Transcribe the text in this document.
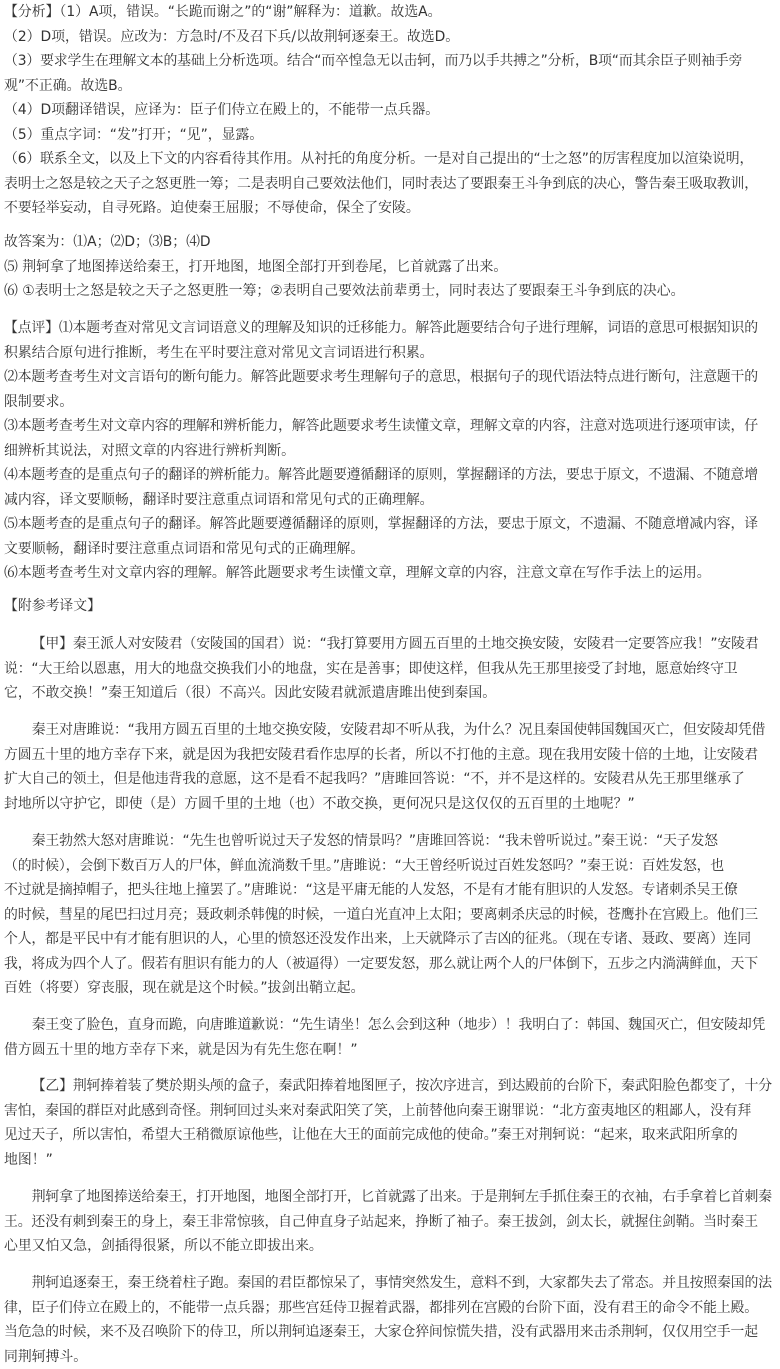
【分析】（1）A项，错误。“长跪而谢之”的“谢”解释为：道歉。故选A。
（2）D项，错误。应改为：方急时/不及召下兵/以故荆轲逐秦王。故选D。
（3）要求学生在理解文本的基础上分析选项。结合“而卒惶急无以击轲，而乃以手共搏之”分析，B项“而其余臣子则袖手旁
观”不正确。故选B。
（4）D项翻译错误，应译为：臣子们侍立在殿上的，不能带一点兵器。
（5）重点字词：“发”打开；“见”，显露。
（6）联系全文，以及上下文的内容看待其作用。从衬托的角度分析。一是对自己提出的“士之怒”的厉害程度加以渲染说明，
表明士之怒是较之天子之怒更胜一筹；二是表明自己要效法他们，同时表达了要跟秦王斗争到底的决心，警告秦王吸取教训，
不要轻举妄动，自寻死路。迫使秦王屈服；不辱使命，保全了安陵。
故答案为：⑴A；⑵D；⑶B；⑷D
⑸ 荆轲拿了地图捧送给秦王，打开地图，地图全部打开到卷尾，匕首就露了出来。
⑹ ①表明士之怒是较之天子之怒更胜一筹；②表明自己要效法前辈勇士，同时表达了要跟秦王斗争到底的决心。
【点评】⑴本题考查对常见文言词语意义的理解及知识的迁移能力。解答此题要结合句子进行理解，词语的意思可根据知识的
积累结合原句进行推断，考生在平时要注意对常见文言词语进行积累。
⑵本题考查考生对文言语句的断句能力。解答此题要求考生理解句子的意思，根据句子的现代语法特点进行断句，注意题干的
限制要求。
⑶本题考查考生对文章内容的理解和辨析能力，解答此题要求考生读懂文章，理解文章的内容，注意对选项进行逐项审读，仔
细辨析其说法，对照文章的内容进行辨析判断。
⑷本题考查的是重点句子的翻译的辨析能力。解答此题要遵循翻译的原则，掌握翻译的方法，要忠于原文，不遗漏、不随意增
减内容，译文要顺畅，翻译时要注意重点词语和常见句式的正确理解。
⑸本题考查的是重点句子的翻译。解答此题要遵循翻译的原则，掌握翻译的方法，要忠于原文，不遗漏、不随意增减内容，译
文要顺畅，翻译时要注意重点词语和常见句式的正确理解。
⑹本题考查考生对文章内容的理解。解答此题要求考生读懂文章，理解文章的内容，注意文章在写作手法上的运用。
【附参考译文】
【甲】秦王派人对安陵君（安陵国的国君）说：“我打算要用方圆五百里的土地交换安陵，安陵君一定要答应我！”安陵君
说：“大王给以恩惠，用大的地盘交换我们小的地盘，实在是善事；即使这样，但我从先王那里接受了封地，愿意始终守卫
它，不敢交换！”秦王知道后（很）不高兴。因此安陵君就派遣唐雎出使到秦国。
秦王对唐雎说：“我用方圆五百里的土地交换安陵，安陵君却不听从我，为什么？况且秦国使韩国魏国灭亡，但安陵却凭借
方圆五十里的地方幸存下来，就是因为我把安陵君看作忠厚的长者，所以不打他的主意。现在我用安陵十倍的土地，让安陵君
扩大自己的领土，但是他违背我的意愿，这不是看不起我吗？”唐雎回答说：“不，并不是这样的。安陵君从先王那里继承了
封地所以守护它，即使（是）方圆千里的土地（也）不敢交换，更何况只是这仅仅的五百里的土地呢？”
秦王勃然大怒对唐雎说：“先生也曾听说过天子发怒的情景吗？”唐雎回答说：“我未曾听说过。”秦王说：“天子发怒
（的时候），会倒下数百万人的尸体，鲜血流淌数千里。”唐雎说：“大王曾经听说过百姓发怒吗？”秦王说：百姓发怒，也
不过就是摘掉帽子，把头往地上撞罢了。”唐雎说：“这是平庸无能的人发怒，不是有才能有胆识的人发怒。专诸刺杀吴王僚
的时候，彗星的尾巴扫过月亮；聂政刺杀韩傀的时候，一道白光直冲上太阳；要离刺杀庆忌的时候，苍鹰扑在宫殿上。他们三
个人，都是平民中有才能有胆识的人，心里的愤怒还没发作出来，上天就降示了吉凶的征兆。（现在专诸、聂政、要离）连同
我，将成为四个人了。假若有胆识有能力的人（被逼得）一定要发怒，那么就让两个人的尸体倒下，五步之内淌满鲜血，天下
百姓（将要）穿丧服，现在就是这个时候。”拔剑出鞘立起。
秦王变了脸色，直身而跪，向唐雎道歉说：“先生请坐！怎么会到这种（地步）！我明白了：韩国、魏国灭亡，但安陵却凭
借方圆五十里的地方幸存下来，就是因为有先生您在啊！”
【乙】荆轲捧着装了樊於期头颅的盒子，秦武阳捧着地图匣子，按次序进言，到达殿前的台阶下，秦武阳脸色都变了，十分
害怕，秦国的群臣对此感到奇怪。荆轲回过头来对秦武阳笑了笑，上前替他向秦王谢罪说：“北方蛮夷地区的粗鄙人，没有拜
见过天子，所以害怕，希望大王稍微原谅他些，让他在大王的面前完成他的使命。”秦王对荆轲说：“起来，取来武阳所拿的
地图！”
荆轲拿了地图捧送给秦王，打开地图，地图全部打开，匕首就露了出来。于是荆轲左手抓住秦王的衣袖，右手拿着匕首刺秦
王。还没有刺到秦王的身上，秦王非常惊骇，自己伸直身子站起来，挣断了袖子。秦王拔剑，剑太长，就握住剑鞘。当时秦王
心里又怕又急，剑插得很紧，所以不能立即拔出来。
荆轲追逐秦王，秦王绕着柱子跑。秦国的君臣都惊呆了，事情突然发生，意料不到，大家都失去了常态。并且按照秦国的法
律，臣子们侍立在殿上的，不能带一点兵器；那些宫廷侍卫握着武器，都排列在宫殿的台阶下面，没有君王的命令不能上殿。
当危急的时候，来不及召唤阶下的侍卫，所以荆轲追逐秦王，大家仓猝间惊慌失措，没有武器用来击杀荆轲，仅仅用空手一起
同荆轲搏斗。
